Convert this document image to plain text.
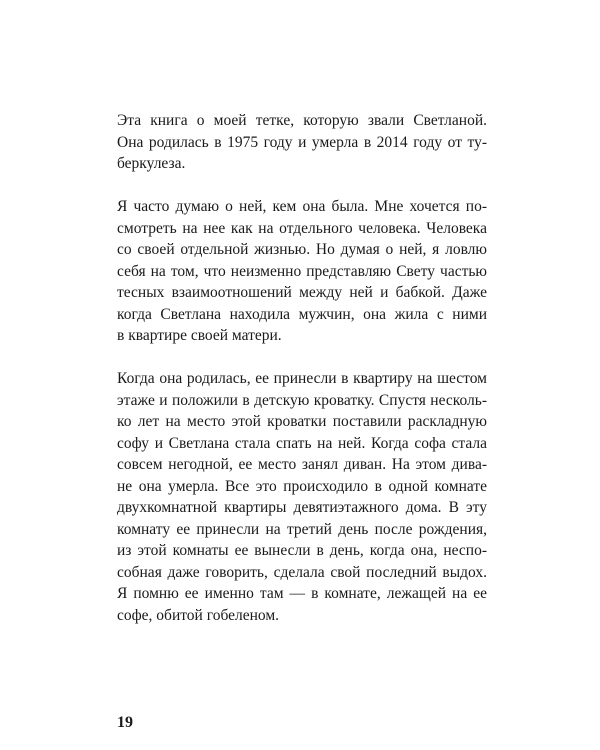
Эта книга о моей тетке, которую звали Светланой.
Она родилась в 1975 году и умерла в 2014 году от ту-
беркулеза.

Я часто думаю о ней, кем она была. Мне хочется по-
смотреть на нее как на отдельного человека. Человека
со своей отдельной жизнью. Но думая о ней, я ловлю
себя на том, что неизменно представляю Свету частью
тесных взаимоотношений между ней и бабкой. Даже
когда Светлана находила мужчин, она жила с ними
в квартире своей матери.

Когда она родилась, ее принесли в квартиру на шестом
этаже и положили в детскую кроватку. Спустя несколь-
ко лет на место этой кроватки поставили раскладную
софу и Светлана стала спать на ней. Когда софа стала
совсем негодной, ее место занял диван. На этом дива-
не она умерла. Все это происходило в одной комнате
двухкомнатной квартиры девятиэтажного дома. В эту
комнату ее принесли на третий день после рождения,
из этой комнаты ее вынесли в день, когда она, неспо-
собная даже говорить, сделала свой последний выдох.
Я помню ее именно там — в комнате, лежащей на ее
софе, обитой гобеленом.

19
